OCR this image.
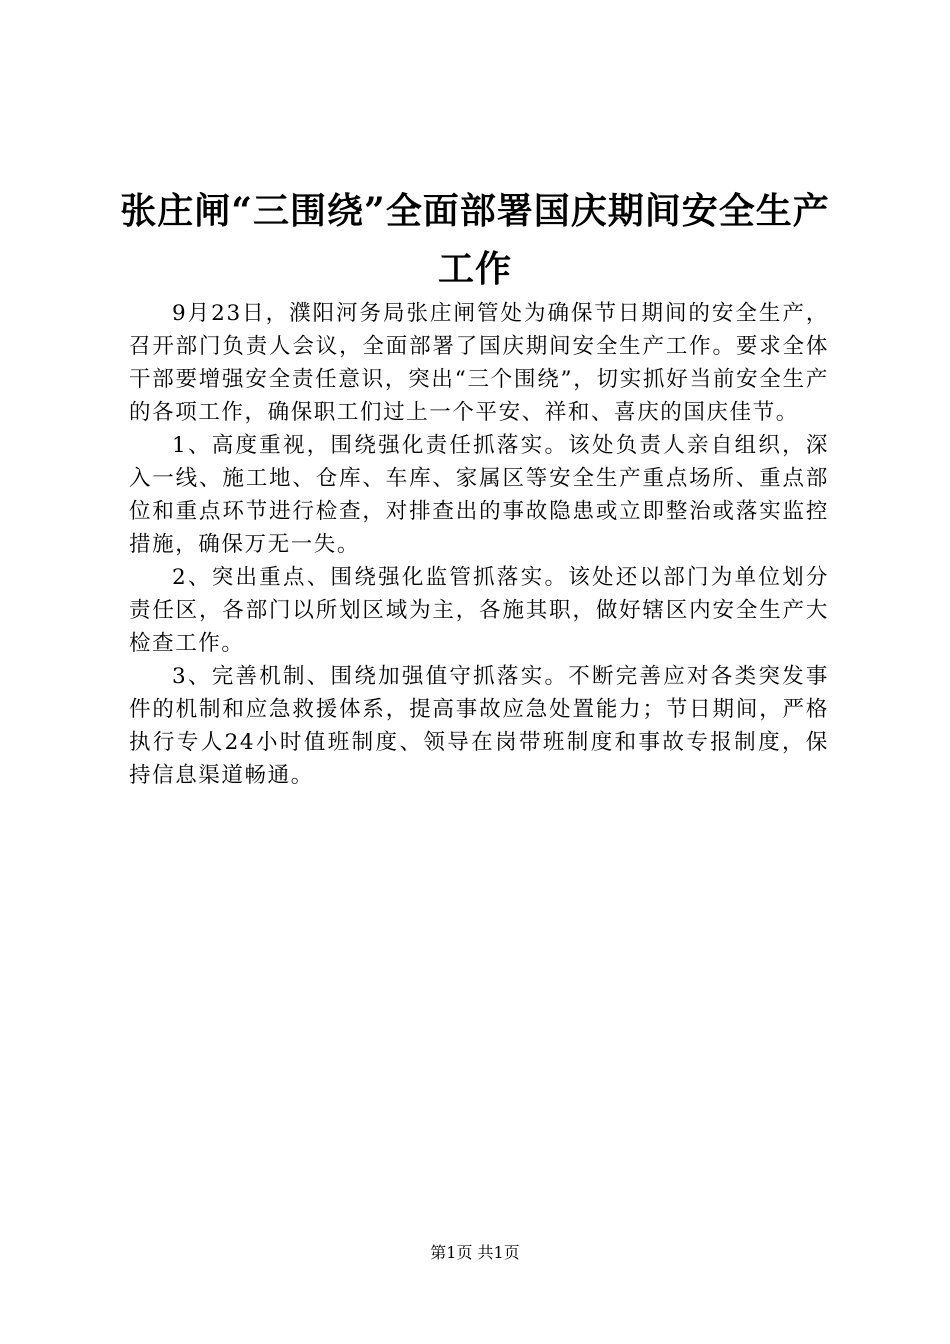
张庄闸“三围绕”全面部署国庆期间安全生产
工作

9月23日，濮阳河务局张庄闸管处为确保节日期间的安全生产，召开部门负责人会议，全面部署了国庆期间安全生产工作。要求全体干部要增强安全责任意识，突出“三个围绕”，切实抓好当前安全生产的各项工作，确保职工们过上一个平安、祥和、喜庆的国庆佳节。

1、高度重视，围绕强化责任抓落实。该处负责人亲自组织，深入一线、施工地、仓库、车库、家属区等安全生产重点场所、重点部位和重点环节进行检查，对排查出的事故隐患或立即整治或落实监控措施，确保万无一失。

2、突出重点、围绕强化监管抓落实。该处还以部门为单位划分责任区，各部门以所划区域为主，各施其职，做好辖区内安全生产大检查工作。

3、完善机制、围绕加强值守抓落实。不断完善应对各类突发事件的机制和应急救援体系，提高事故应急处置能力；节日期间，严格执行专人24小时值班制度、领导在岗带班制度和事故专报制度，保持信息渠道畅通。

第1页 共1页
